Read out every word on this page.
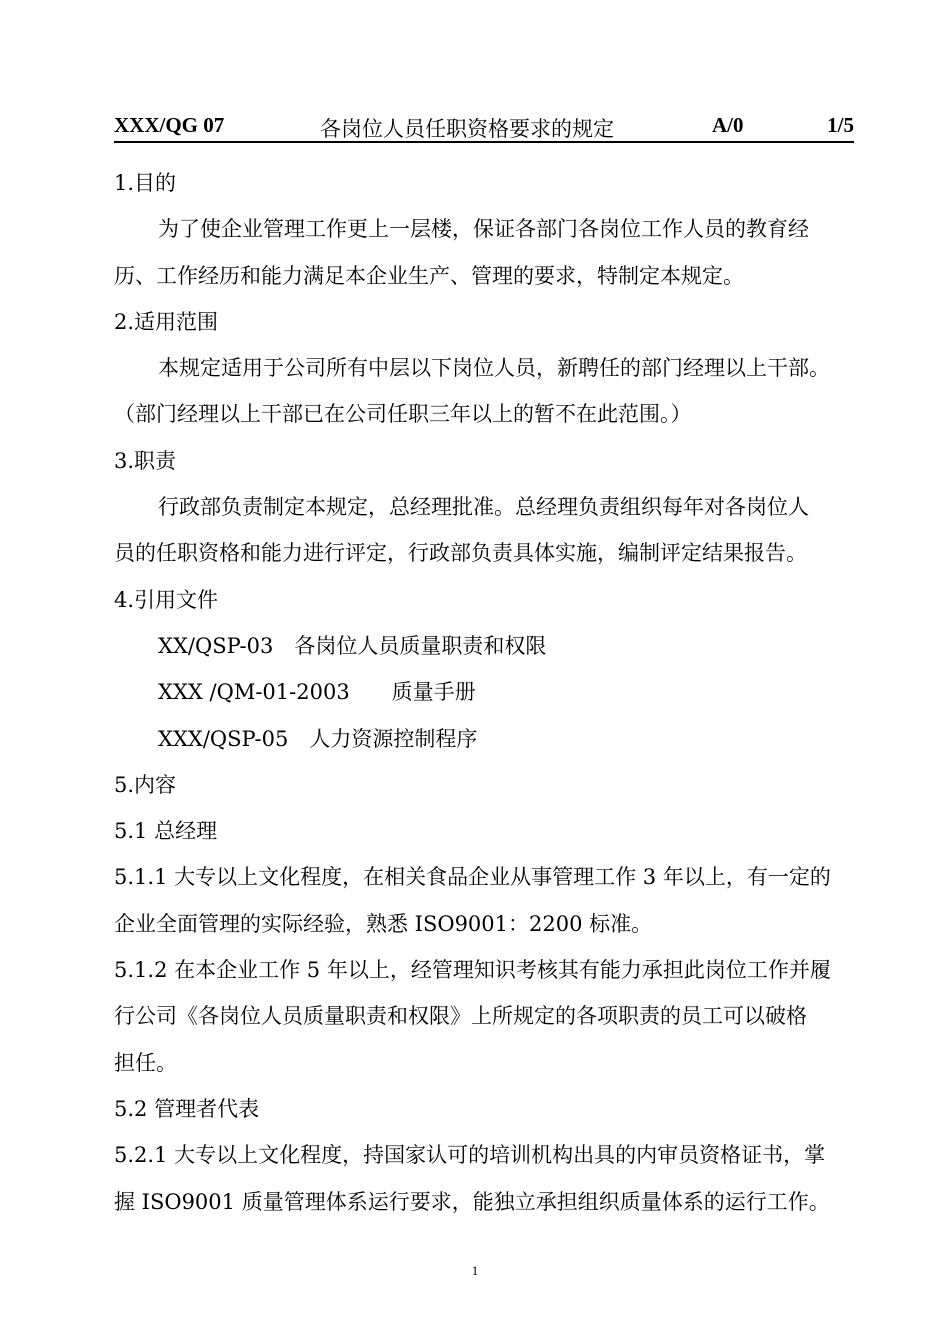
XXX/QG 07	各岗位人员任职资格要求的规定	A/0	1/5
1.目的
为了使企业管理工作更上一层楼，保证各部门各岗位工作人员的教育经
历、工作经历和能力满足本企业生产、管理的要求，特制定本规定。
2.适用范围
本规定适用于公司所有中层以下岗位人员，新聘任的部门经理以上干部。
（部门经理以上干部已在公司任职三年以上的暂不在此范围。）
3.职责
行政部负责制定本规定，总经理批准。总经理负责组织每年对各岗位人
员的任职资格和能力进行评定，行政部负责具体实施，编制评定结果报告。
4.引用文件
XX/QSP-03　各岗位人员质量职责和权限
XXX /QM-01-2003　　质量手册
XXX/QSP-05　人力资源控制程序
5.内容
5.1 总经理
5.1.1 大专以上文化程度，在相关食品企业从事管理工作 3 年以上，有一定的
企业全面管理的实际经验，熟悉 ISO9001：2200 标准。
5.1.2 在本企业工作 5 年以上，经管理知识考核其有能力承担此岗位工作并履
行公司《各岗位人员质量职责和权限》上所规定的各项职责的员工可以破格
担任。
5.2 管理者代表
5.2.1 大专以上文化程度，持国家认可的培训机构出具的内审员资格证书，掌
握 ISO9001 质量管理体系运行要求，能独立承担组织质量体系的运行工作。
1
